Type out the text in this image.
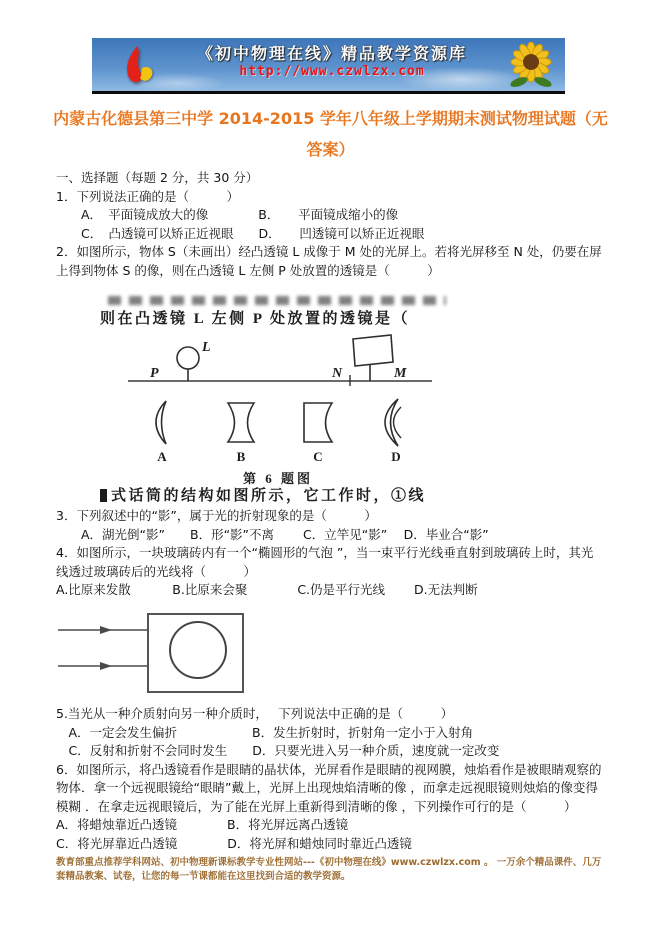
《初中物理在线》精品教学资源库
http://www.czwlzx.com
内蒙古化德县第三中学 2014-2015 学年八年级上学期期末测试物理试题（无
答案）

一、选择题（每题 2 分，共 30 分）

1．下列说法正确的是（　　　）

　　A．　平面镜成放大的像　　　　B．　　平面镜成缩小的像

　　C．　凸透镜可以矫正近视眼　　D．　　凹透镜可以矫正近视眼

2．如图所示，物体 S（未画出）经凸透镜 L 成像于 M 处的光屏上。若将光屏移至 N 处，仍要在屏上得到物体 S 的像，则在凸透镜 L 左侧 P 处放置的透镜是（　　　）

则在凸透镜 L 左侧 P 处放置的透镜是（
P
L
N	M
A	B	C	D
第 6 题图
式话筒的结构如图所示，它工作时，①线

3．下列叙述中的“影”，属于光的折射现象的是（　　　）

　　A．湖光倒“影”　　B．形“影”不离　　 C．立竿见“影”　 D．毕业合“影”

4．如图所示，一块玻璃砖内有一个“椭圆形的气泡 ”，当一束平行光线垂直射到玻璃砖上时，其光线透过玻璃砖后的光线将（　　　）

A.比原来发散　　　 B.比原来会聚　　　　C.仍是平行光线　　 D.无法判断

5.当光从一种介质射向另一种介质时，　 下列说法中正确的是（　　　）

　A．一定会发生偏折　　　　　　B．发生折射时，折射角一定小于入射角

　C．反射和折射不会同时发生　　D．只要光进入另一种介质，速度就一定改变

6．如图所示，将凸透镜看作是眼睛的晶状体，光屏看作是眼睛的视网膜，烛焰看作是被眼睛观察的物体．拿一个远视眼镜给“眼睛”戴上，光屏上出现烛焰清晰的像 ，而拿走远视眼镜则烛焰的像变得模糊 ．在拿走远视眼镜后，为了能在光屏上重新得到清晰的像 ，下列操作可行的是（　　　）

A．将蜡烛靠近凸透镜　　　　B．将光屏远离凸透镜

C．将光屏靠近凸透镜　　　　D．将光屏和蜡烛同时靠近凸透镜

教育部重点推荐学科网站、初中物理新课标教学专业性网站---《初中物理在线》www.czwlzx.com 。 一万余个精品课件、几万套精品教案、试卷，让您的每一节课都能在这里找到合适的教学资源。
